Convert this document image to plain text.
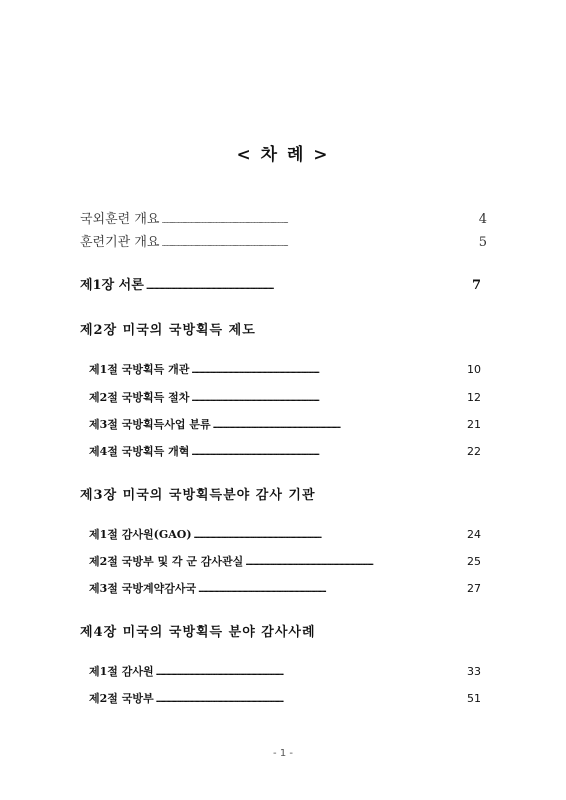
< 차 례 >
국외훈련 개요 . . .	4
훈련기관 개요 . . .	5
제1장 서론 . . .	7
제2장 미국의 국방획득 제도
제1절 국방획득 개관 . . .	10
제2절 국방획득 절차 . . .	12
제3절 국방획득사업 분류 . . .	21
제4절 국방획득 개혁 . . .	22
제3장 미국의 국방획득분야 감사 기관
제1절 감사원(GAO) . . .	24
제2절 국방부 및 각 군 감사관실 . . .	25
제3절 국방계약감사국 . . .	27
제4장 미국의 국방획득 분야 감사사례
제1절 감사원 . . .	33
제2절 국방부 . . .	51
- 1 -
